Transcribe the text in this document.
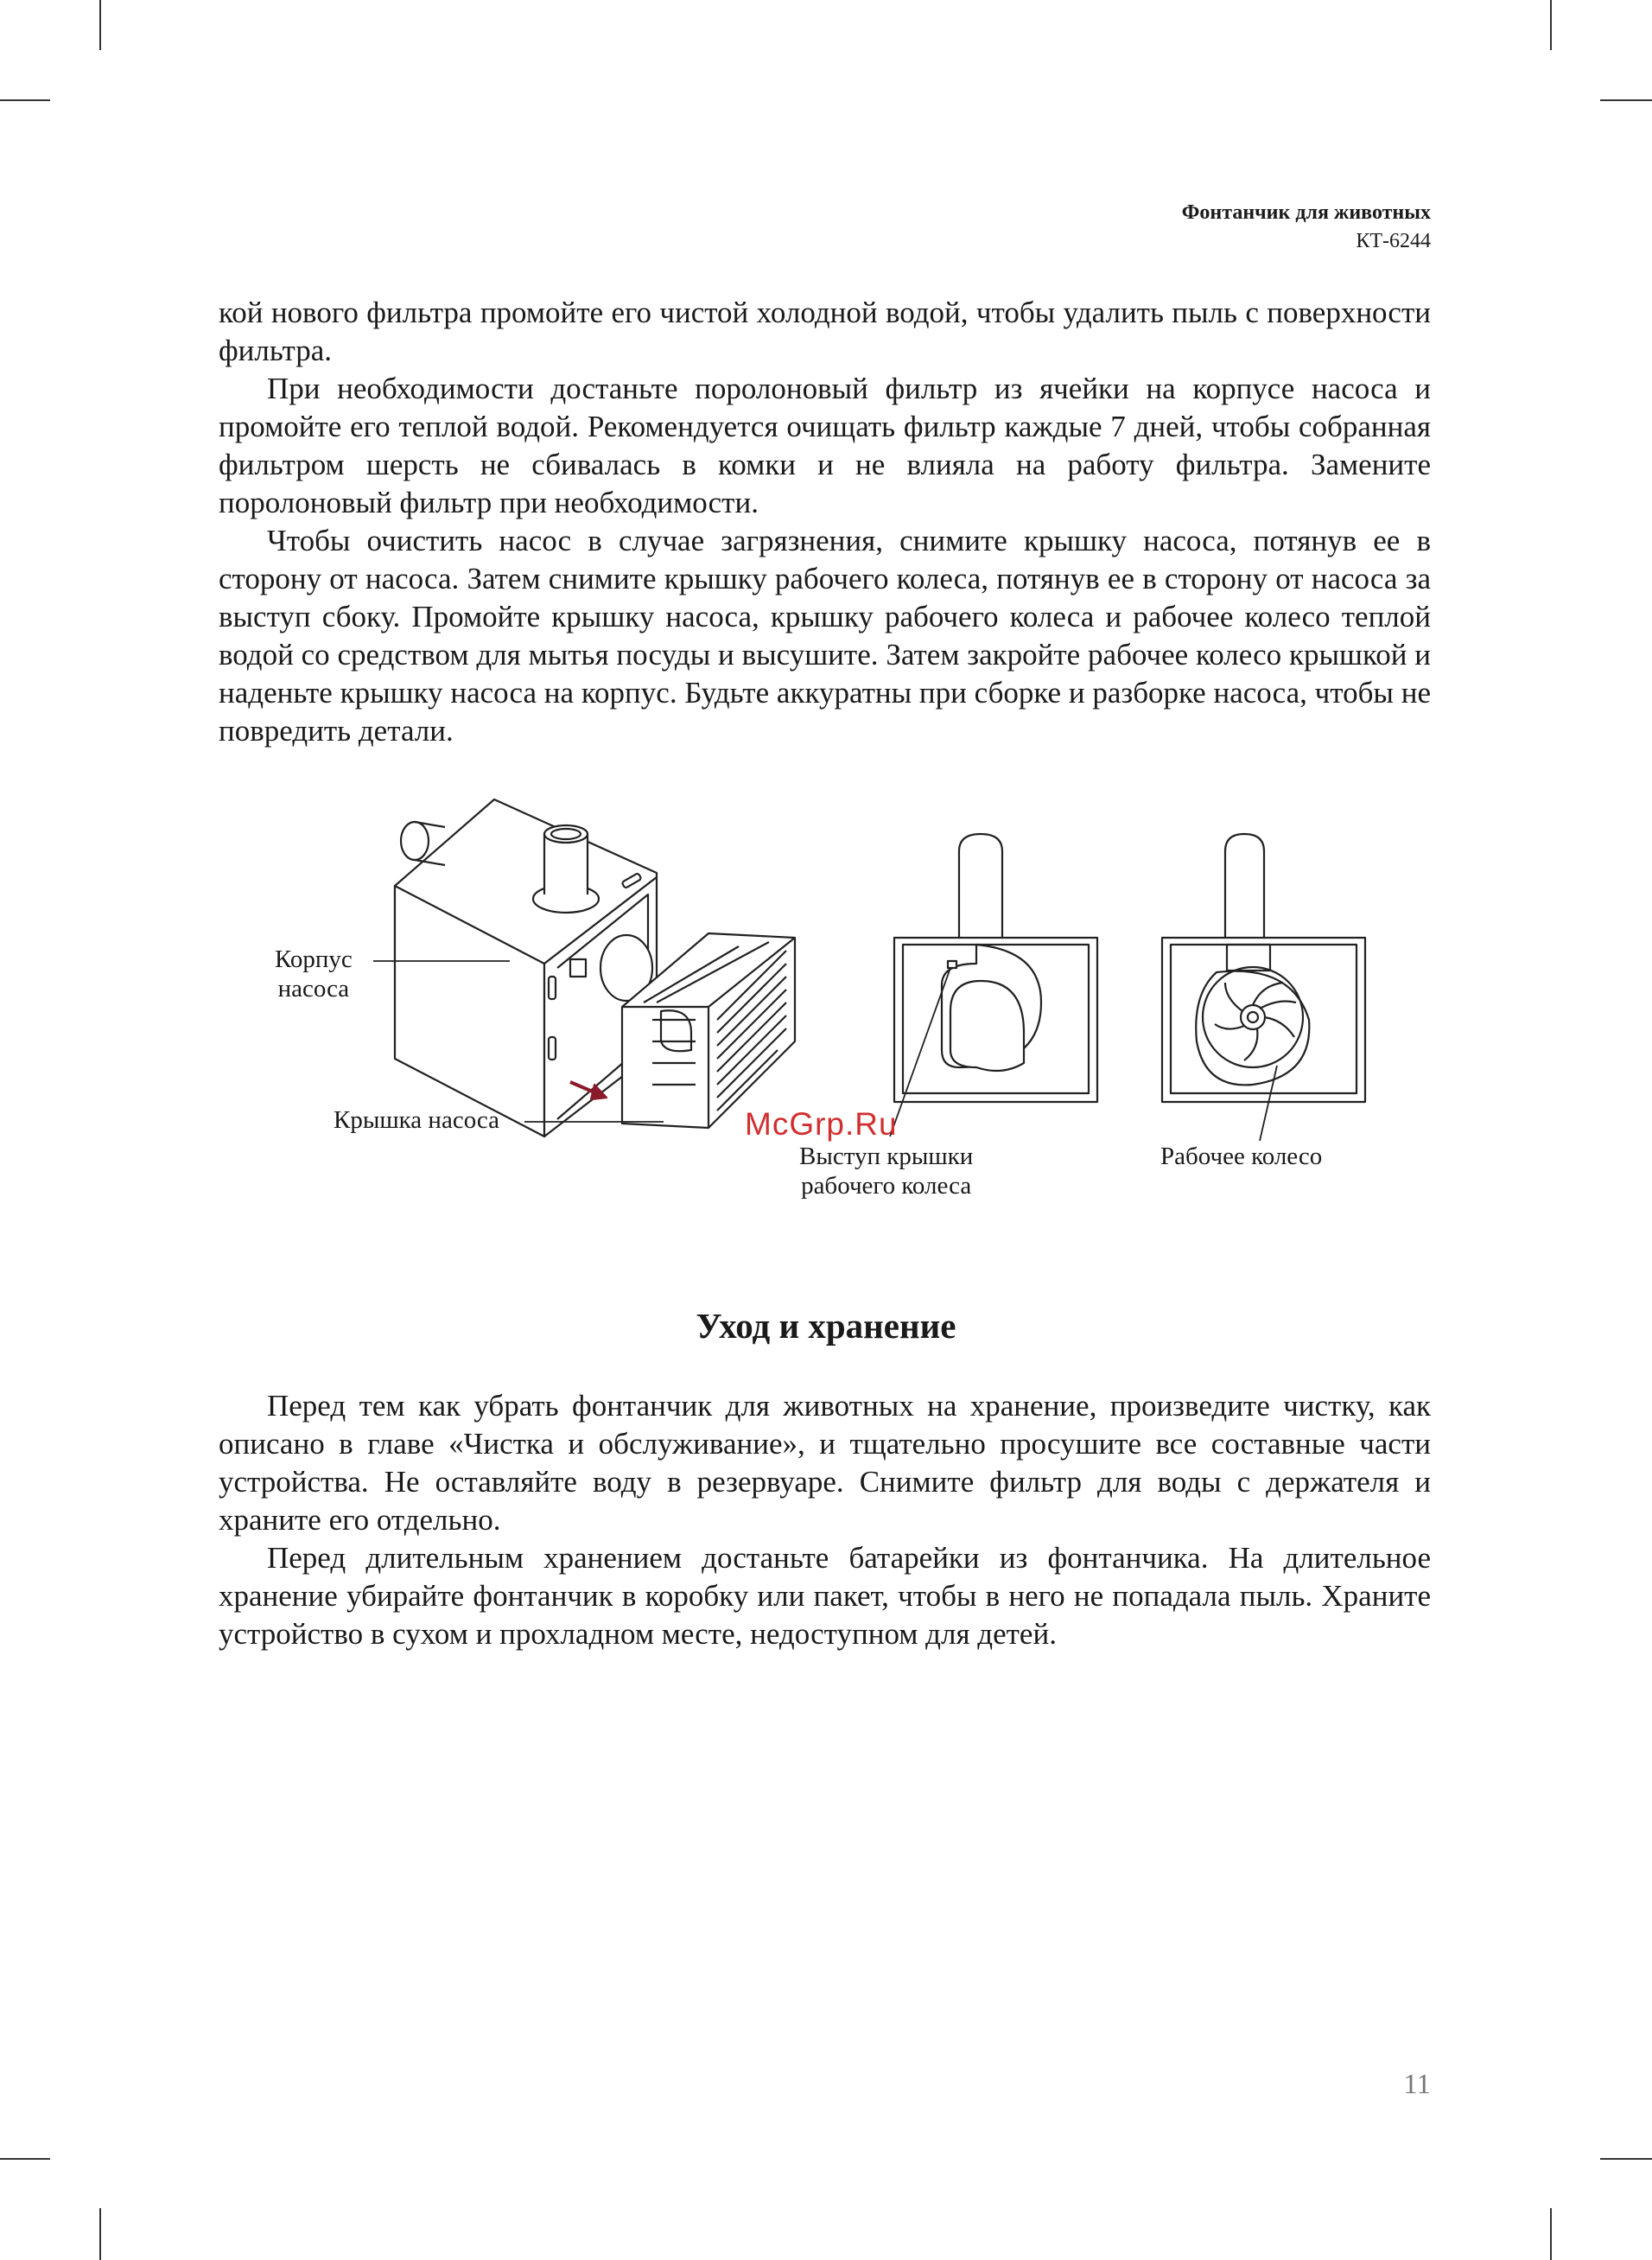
Фонтанчик для животных
КТ-6244

кой нового фильтра промойте его чистой холодной водой, чтобы удалить пыль с поверхности фильтра.

При необходимости достаньте поролоновый фильтр из ячейки на корпусе насоса и промойте его теплой водой. Рекомендуется очищать фильтр каждые 7 дней, чтобы собранная фильтром шерсть не сбивалась в комки и не влияла на работу фильтра. Замените поролоновый фильтр при необходимости.

Чтобы очистить насос в случае загрязнения, снимите крышку насоса, потянув ее в сторону от насоса. Затем снимите крышку рабочего колеса, потянув ее в сторону от насоса за выступ сбоку. Промойте крышку насоса, крышку рабочего колеса и рабочее колесо теплой водой со средством для мытья посуды и высушите. Затем закройте рабочее колесо крышкой и наденьте крышку насоса на корпус. Будьте аккуратны при сборке и разборке насоса, чтобы не повредить детали.

Корпус
насоса
Крышка насоса
Выступ крышки
рабочего колеса
Рабочее колесо
McGrp.Ru
Уход и хранение

Перед тем как убрать фонтанчик для животных на хранение, произведите чистку, как описано в главе «Чистка и обслуживание», и тщательно просушите все составные части устройства. Не оставляйте воду в резервуаре. Снимите фильтр для воды с держателя и храните его отдельно.

Перед длительным хранением достаньте батарейки из фонтанчика. На длительное хранение убирайте фонтанчик в коробку или пакет, чтобы в него не попадала пыль. Храните устройство в сухом и прохладном месте, недоступном для детей.

11
